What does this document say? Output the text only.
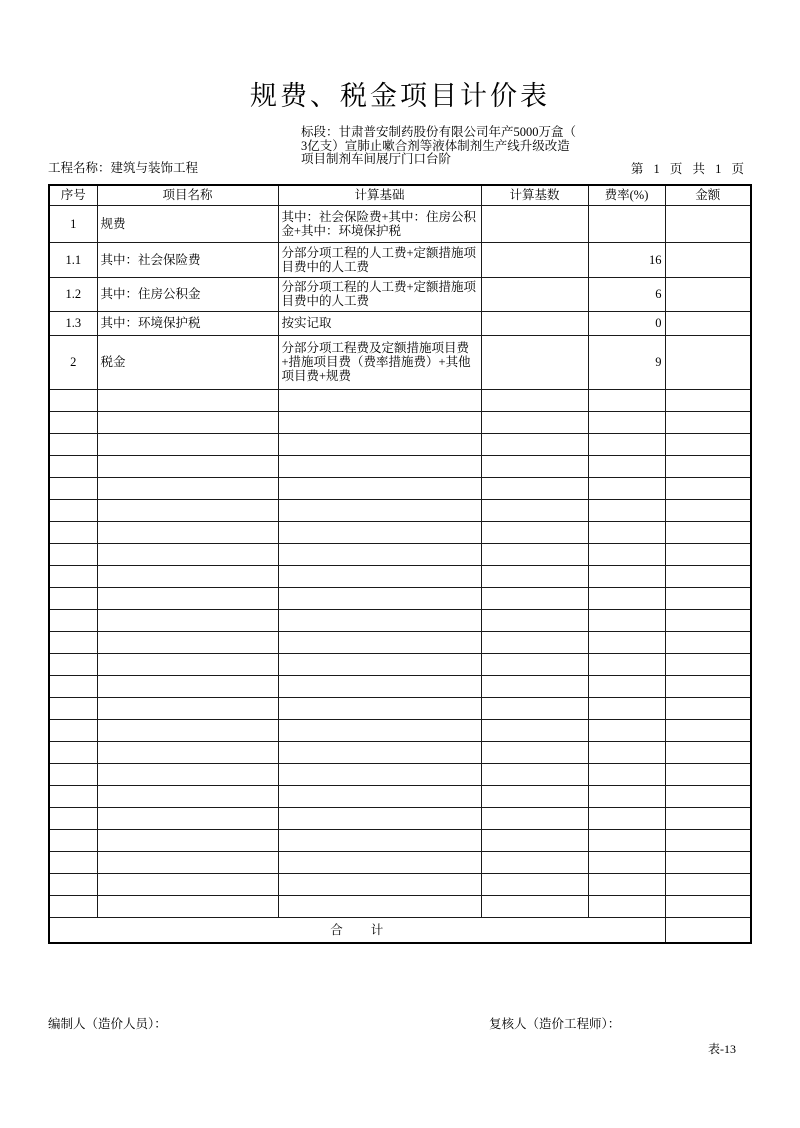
规费、税金项目计价表
标段：甘肃普安制药股份有限公司年产5000万盒（
3亿支）宣肺止嗽合剂等液体制剂生产线升级改造
项目制剂车间展厅门口台阶
工程名称：建筑与装饰工程	第 1 页 共 1 页
序号	项目名称	计算基础	计算基数	费率(%)	金额
1	规费	其中：社会保险费+其中：住房公积金+其中：环境保护税			
1.1	其中：社会保险费	分部分项工程的人工费+定额措施项目费中的人工费		16	
1.2	其中：住房公积金	分部分项工程的人工费+定额措施项目费中的人工费		6	
1.3	其中：环境保护税	按实记取		0	
2	税金	分部分项工程费及定额措施项目费+措施项目费（费率措施费）+其他项目费+规费		9	

合　　计					
编制人（造价人员）：	复核人（造价工程师）：
表-13
